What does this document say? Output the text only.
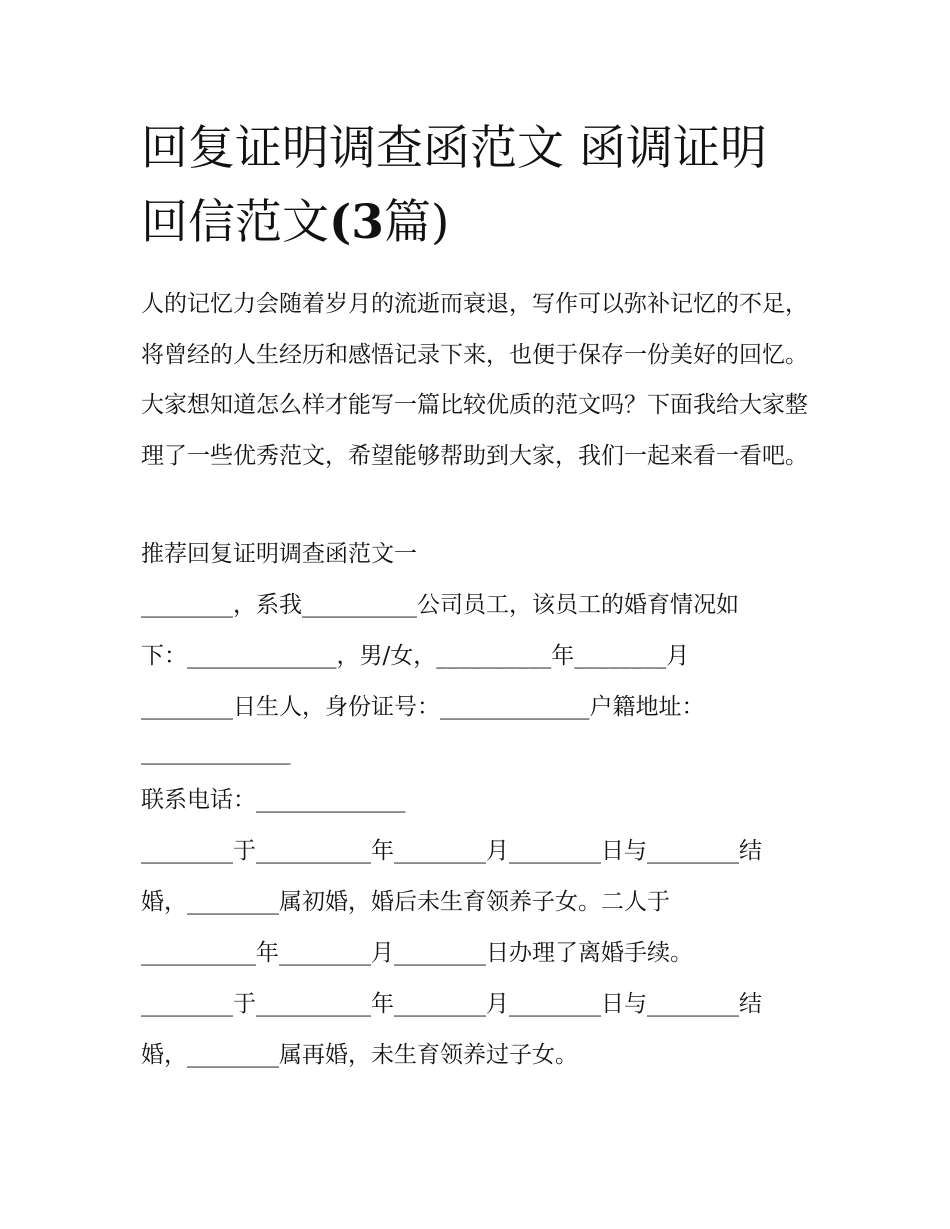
回复证明调查函范文 函调证明
回信范文(3篇)

人的记忆力会随着岁月的流逝而衰退，写作可以弥补记忆的不足，将曾经的人生经历和感悟记录下来，也便于保存一份美好的回忆。大家想知道怎么样才能写一篇比较优质的范文吗？下面我给大家整理了一些优秀范文，希望能够帮助到大家，我们一起来看一看吧。

推荐回复证明调查函范文一

________，系我__________公司员工，该员工的婚育情况如

下：_____________，男/女，__________年________月

________日生人，身份证号：_____________户籍地址：

_____________

联系电话：_____________

________于__________年________月________日与________结

婚，________属初婚，婚后未生育领养子女。二人于

__________年________月________日办理了离婚手续。

________于__________年________月________日与________结

婚，________属再婚，未生育领养过子女。
